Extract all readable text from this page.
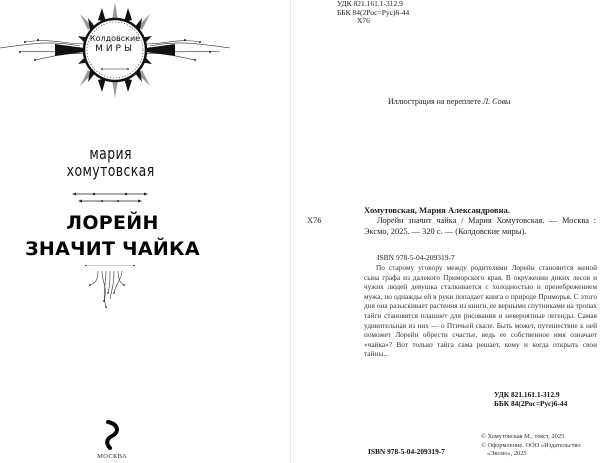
Колдовские
МИРЫ
мария
хомутовская
ЛОРЕЙН
ЗНАЧИТ ЧАЙКА
МОСКВА
УДК 821.161.1-312.9
ББК 84(2Рос=Рус)6-44
Х76
Иллюстрация на переплете Л. Совы
Хомутовская, Мария Александровна.
Х76	Лорейн значит чайка / Мария Хомутовская. — Москва : Эксмо, 2025. — 320 с. — (Колдовские миры).
ISBN 978-5-04-209319-7
По старому уговору между родителями Лорейн становится женой сына графа из далекого Приморского края. В окружении диких лесов и чужих людей девушка сталкивается с холодностью и пренебрежением мужа, но однажды ей в руки попадает книга о природе Приморья. С этого дня она разыскивает растения из книги, ее верными спутниками на тропах тайги становятся планшет для рисования и невероятные легенды. Самая удивительная из них — о Птичьей скале. Быть может, путешествие к ней поможет Лорейн обрести счастье, ведь ее собственное имя означает «чайка»? Вот только тайга сама решает, кому и когда открыть свои тайны...
УДК 821.161.1-312.9
ББК 84(2Рос=Рус)6-44
ISBN 978-5-04-209319-7
© Хомутовская М., текст, 2025
© Оформление. ООО «Издательство
«Эксмо», 2025
